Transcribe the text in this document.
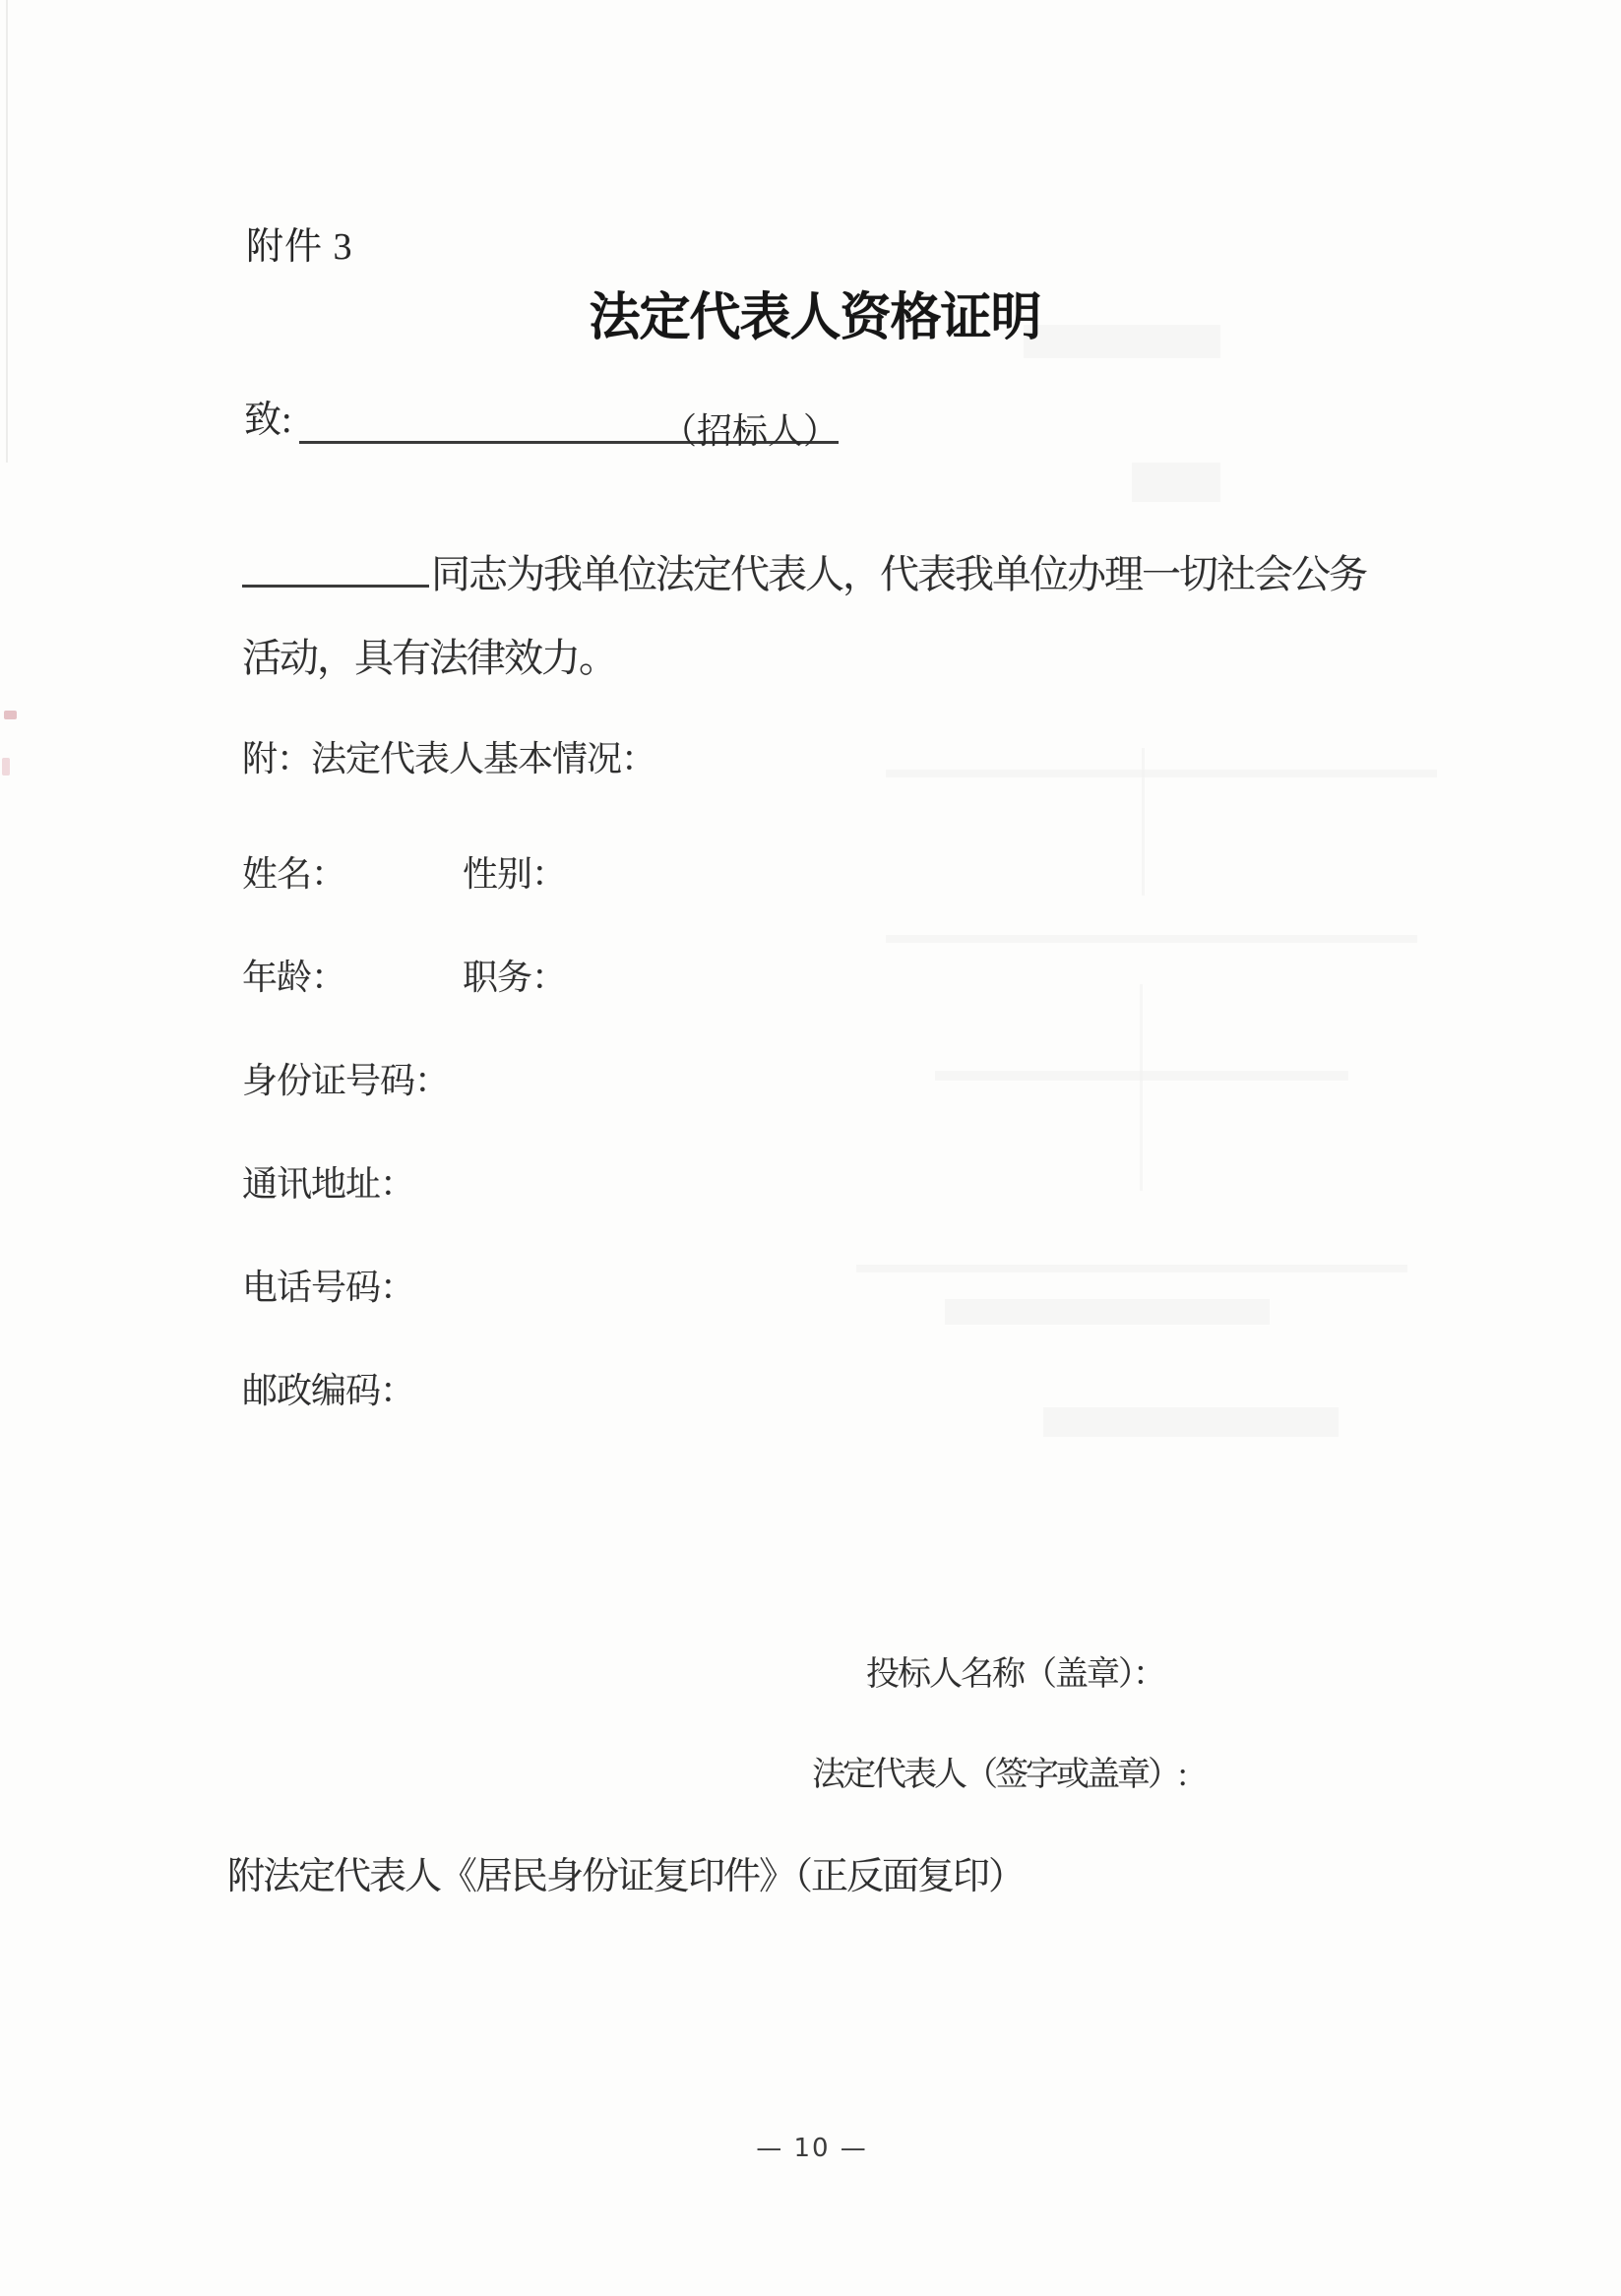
附件 3
法定代表人资格证明
致:	（招标人）
同志为我单位法定代表人，代表我单位办理一切社会公务
活动，具有法律效力。
附：法定代表人基本情况：
姓名：	性别：
年龄：	职务：
身份证号码：
通讯地址：
电话号码：
邮政编码：
投标人名称（盖章）：
法定代表人（签字或盖章）:
附法定代表人《居民身份证复印件》（正反面复印）
— 10 —
